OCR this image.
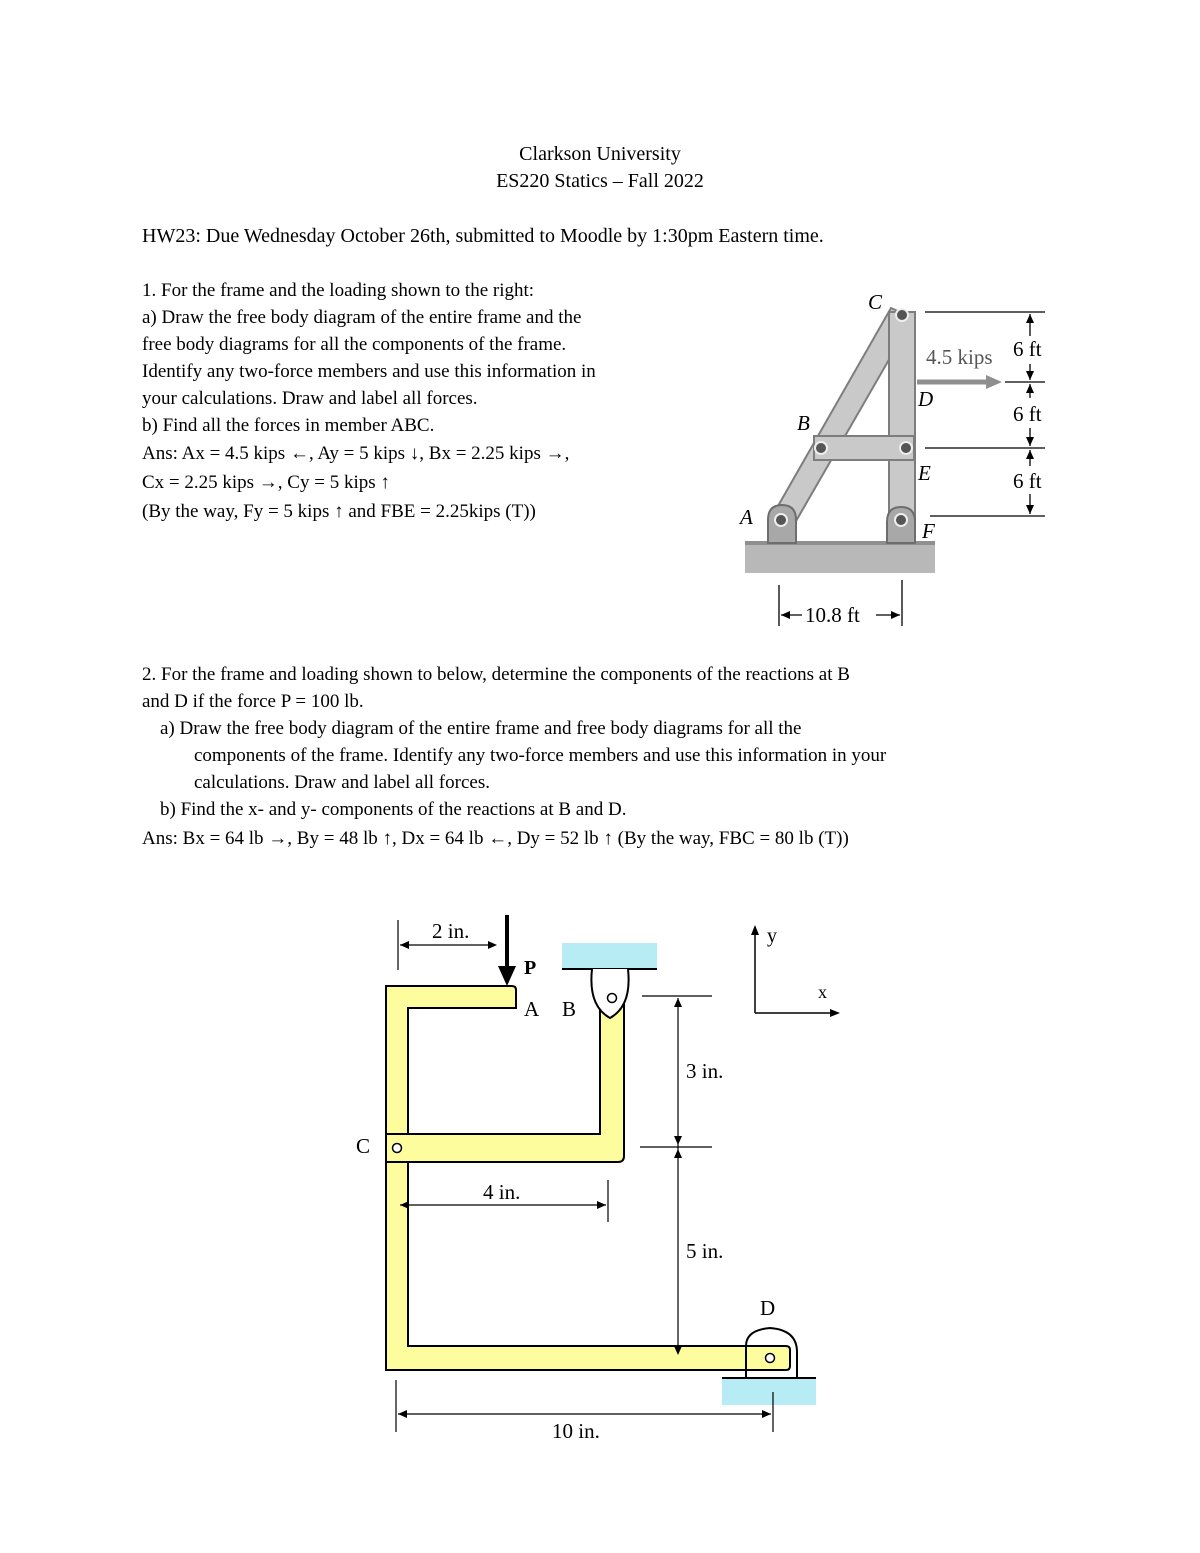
Clarkson University
ES220 Statics – Fall 2022
HW23: Due Wednesday October 26th, submitted to Moodle by 1:30pm Eastern time.
1. For the frame and the loading shown to the right:
a) Draw the free body diagram of the entire frame and the
free body diagrams for all the components of the frame.
Identify any two-force members and use this information in
your calculations. Draw and label all forces.
b) Find all the forces in member ABC.
Ans: Ax = 4.5 kips ←, Ay = 5 kips ↓, Bx = 2.25 kips →,
Cx = 2.25 kips →, Cy = 5 kips ↑
(By the way, Fy = 5 kips ↑ and FBE = 2.25kips (T))
C
B
A
D
E
F
4.5 kips 6 ft
6 ft
6 ft
10.8 ft
2. For the frame and loading shown to below, determine the components of the reactions at B
and D if the force P = 100 lb.
a) Draw the free body diagram of the entire frame and free body diagrams for all the
components of the frame. Identify any two-force members and use this information in your
calculations. Draw and label all forces.
b) Find the x- and y- components of the reactions at B and D.
Ans: Bx = 64 lb →, By = 48 lb ↑, Dx = 64 lb ←, Dy = 52 lb ↑ (By the way, FBC = 80 lb (T))
P
A B
C
D
y
x
2 in.
3 in.
5 in.
4 in.
10 in.
